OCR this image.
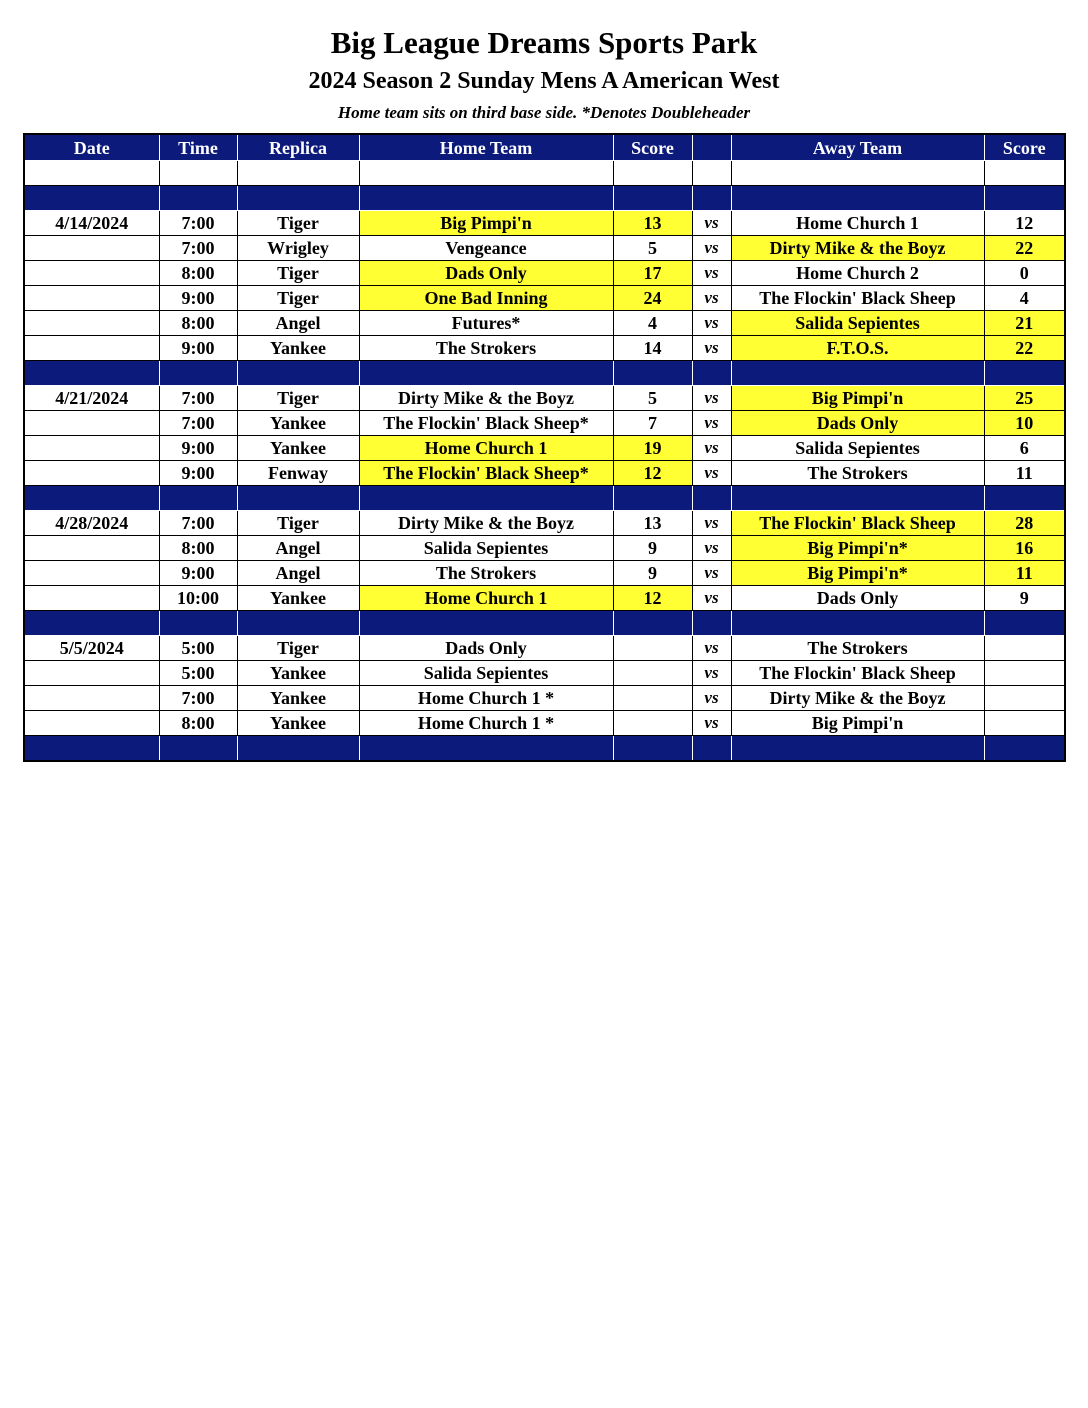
Big League Dreams Sports Park
2024 Season 2 Sunday Mens A American West
Home team sits on third base side. *Denotes Doubleheader
Date	Time	Replica	Home Team	Score		Away Team	Score

4/14/2024	7:00	Tiger	Big Pimpi'n	13	vs	Home Church 1	12
	7:00	Wrigley	Vengeance	5	vs	Dirty Mike & the Boyz	22
	8:00	Tiger	Dads Only	17	vs	Home Church 2	0
	9:00	Tiger	One Bad Inning	24	vs	The Flockin' Black Sheep	4
	8:00	Angel	Futures*	4	vs	Salida Sepientes	21
	9:00	Yankee	The Strokers	14	vs	F.T.O.S.	22

4/21/2024	7:00	Tiger	Dirty Mike & the Boyz	5	vs	Big Pimpi'n	25
	7:00	Yankee	The Flockin' Black Sheep*	7	vs	Dads Only	10
	9:00	Yankee	Home Church 1	19	vs	Salida Sepientes	6
	9:00	Fenway	The Flockin' Black Sheep*	12	vs	The Strokers	11

4/28/2024	7:00	Tiger	Dirty Mike & the Boyz	13	vs	The Flockin' Black Sheep	28
	8:00	Angel	Salida Sepientes	9	vs	Big Pimpi'n*	16
	9:00	Angel	The Strokers	9	vs	Big Pimpi'n*	11
	10:00	Yankee	Home Church 1	12	vs	Dads Only	9

5/5/2024	5:00	Tiger	Dads Only		vs	The Strokers	
	5:00	Yankee	Salida Sepientes		vs	The Flockin' Black Sheep	
	7:00	Yankee	Home Church 1 *		vs	Dirty Mike & the Boyz	
	8:00	Yankee	Home Church 1 *		vs	Big Pimpi'n	
